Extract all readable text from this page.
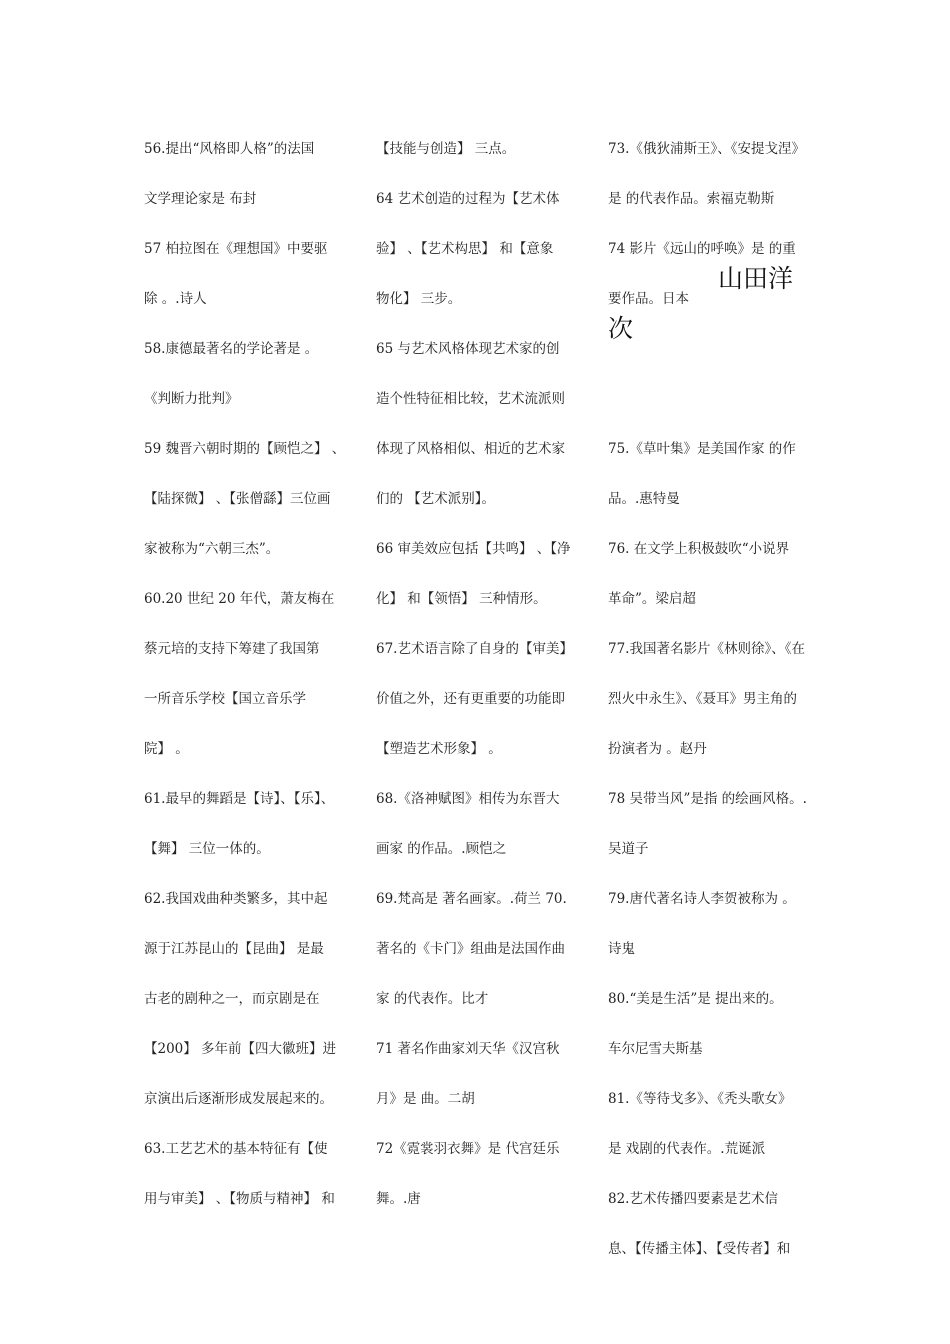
56.提出“风格即人格”的法国
文学理论家是 布封
57 柏拉图在《理想国》中要驱
除 。.诗人
58.康德最著名的学论著是 。
《判断力批判》
59 魏晋六朝时期的【顾恺之】 、
【陆探微】 、【张僧繇】三位画
家被称为“六朝三杰”。
60.20 世纪 20 年代，萧友梅在
蔡元培的支持下筹建了我国第
一所音乐学校【国立音乐学
院】 。
61.最早的舞蹈是【诗】、【乐】、
【舞】 三位一体的。
62.我国戏曲种类繁多，其中起
源于江苏昆山的【昆曲】 是最
古老的剧种之一，而京剧是在
【200】 多年前【四大徽班】进
京演出后逐渐形成发展起来的。
63.工艺艺术的基本特征有【使
用与审美】 、【物质与精神】 和
【技能与创造】 三点。
64 艺术创造的过程为【艺术体
验】 、【艺术构思】 和【意象
物化】 三步。
65 与艺术风格体现艺术家的创
造个性特征相比较，艺术流派则
体现了风格相似、相近的艺术家
们的 【艺术派别】。
66 审美效应包括【共鸣】 、【净
化】 和【领悟】 三种情形。
67.艺术语言除了自身的【审美】
价值之外，还有更重要的功能即
【塑造艺术形象】 。
68.《洛神赋图》相传为东晋大
画家 的作品。.顾恺之
69.梵高是 著名画家。.荷兰 70.
著名的《卡门》组曲是法国作曲
家 的代表作。比才
71 著名作曲家刘天华《汉宫秋
月》是 曲。二胡
72《霓裳羽衣舞》是 代宫廷乐
舞。.唐
73.《俄狄浦斯王》、《安提戈涅》
是 的代表作品。索福克勒斯
74 影片《远山的呼唤》是 的重
要作品。日本
75.《草叶集》是美国作家 的作
品。.惠特曼
76. 在文学上积极鼓吹“小说界
革命”。梁启超
77.我国著名影片《林则徐》、《在
烈火中永生》、《聂耳》男主角的
扮演者为 。赵丹
78 吴带当风”是指 的绘画风格。.
吴道子
79.唐代著名诗人李贺被称为 。
诗鬼
80.“美是生活”是 提出来的。
车尔尼雪夫斯基
81.《等待戈多》、《秃头歌女》
是 戏剧的代表作。.荒诞派
82.艺术传播四要素是艺术信
息、【传播主体】、【受传者】和
山田洋
次
